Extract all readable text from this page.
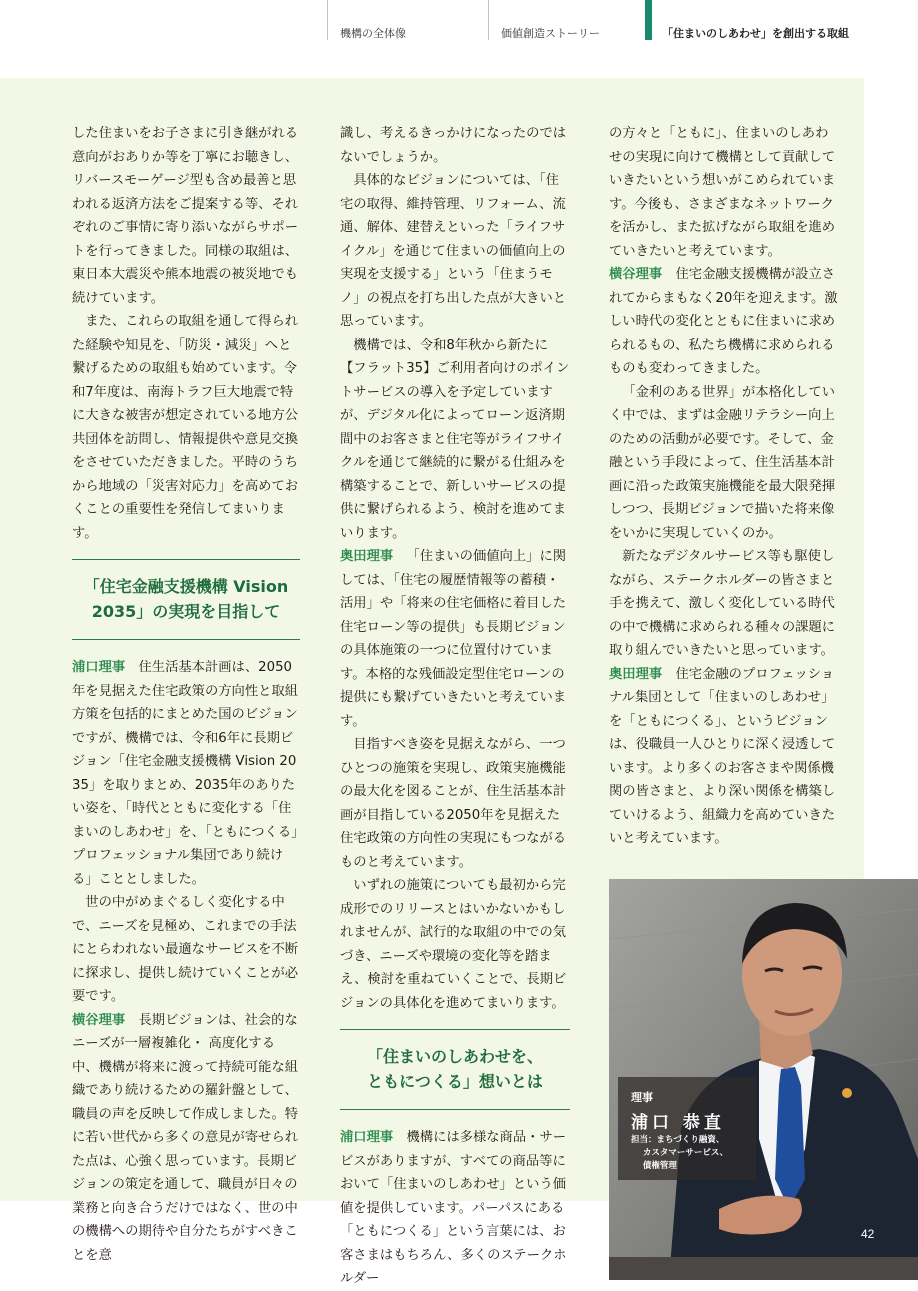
機構の全体像	価値創造ストーリー	「住まいのしあわせ」を創出する取組

した住まいをお子さまに引き継がれる意向がおありか等を丁寧にお聴きし、リバースモーゲージ型も含め最善と思われる返済方法をご提案する等、それぞれのご事情に寄り添いながらサポートを行ってきました。同様の取組は、東日本大震災や熊本地震の被災地でも続けています。

また、これらの取組を通して得られた経験や知見を、「防災・減災」へと繋げるための取組も始めています。令和7年度は、南海トラフ巨大地震で特に大きな被害が想定されている地方公共団体を訪問し、情報提供や意見交換をさせていただきました。平時のうちから地域の「災害対応力」を高めておくことの重要性を発信してまいります。

「住宅金融支援機構 Vision
2035」の実現を目指して

浦口理事 住生活基本計画は、2050年を見据えた住宅政策の方向性と取組方策を包括的にまとめた国のビジョンですが、機構では、令和6年に長期ビジョン「住宅金融支援機構 Vision 2035」を取りまとめ、2035年のありたい姿を、「時代とともに変化する「住まいのしあわせ」を、「ともにつくる」プロフェッショナル集団であり続ける」こととしました。

世の中がめまぐるしく変化する中で、ニーズを見極め、これまでの手法にとらわれない最適なサービスを不断に探求し、提供し続けていくことが必要です。

横谷理事 長期ビジョンは、社会的なニーズが一層複雑化・ 高度化する中、機構が将来に渡って持続可能な組織であり続けるための羅針盤として、職員の声を反映して作成しました。特に若い世代から多くの意見が寄せられた点は、心強く思っています。長期ビジョンの策定を通して、職員が日々の業務と向き合うだけではなく、世の中の機構への期待や自分たちがすべきことを意

識し、考えるきっかけになったのではないでしょうか。

具体的なビジョンについては、「住宅の取得、維持管理、リフォーム、流通、解体、建替えといった「ライフサイクル」を通じて住まいの価値向上の実現を支援する」という「住まうモノ」の視点を打ち出した点が大きいと思っています。

機構では、令和8年秋から新たに【フラット35】ご利用者向けのポイントサービスの導入を予定していますが、デジタル化によってローン返済期間中のお客さまと住宅等がライフサイクルを通じて継続的に繋がる仕組みを構築することで、新しいサービスの提供に繋げられるよう、検討を進めてまいります。

奥田理事 「住まいの価値向上」に関しては、「住宅の履歴情報等の蓄積・活用」や「将来の住宅価格に着目した住宅ローン等の提供」も長期ビジョンの具体施策の一つに位置付けています。本格的な残価設定型住宅ローンの提供にも繋げていきたいと考えています。

目指すべき姿を見据えながら、一つひとつの施策を実現し、政策実施機能の最大化を図ることが、住生活基本計画が目指している2050年を見据えた住宅政策の方向性の実現にもつながるものと考えています。

いずれの施策についても最初から完成形でのリリースとはいかないかもしれませんが、試行的な取組の中での気づき、ニーズや環境の変化等を踏まえ、検討を重ねていくことで、長期ビジョンの具体化を進めてまいります。

「住まいのしあわせを、
ともにつくる」想いとは

浦口理事 機構には多様な商品・サービスがありますが、すべての商品等において「住まいのしあわせ」という価値を提供しています。パーパスにある「ともにつくる」という言葉には、お客さまはもちろん、多くのステークホルダー

の方々と「ともに」、住まいのしあわせの実現に向けて機構として貢献していきたいという想いがこめられています。今後も、さまざまなネットワークを活かし、また拡げながら取組を進めていきたいと考えています。

横谷理事 住宅金融支援機構が設立されてからまもなく20年を迎えます。激しい時代の変化とともに住まいに求められるもの、私たち機構に求められるものも変わってきました。

「金利のある世界」が本格化していく中では、まずは金融リテラシー向上のための活動が必要です。そして、金融という手段によって、住生活基本計画に沿った政策実施機能を最大限発揮しつつ、長期ビジョンで描いた将来像をいかに実現していくのか。

新たなデジタルサービス等も駆使しながら、ステークホルダーの皆さまと手を携えて、激しく変化している時代の中で機構に求められる種々の課題に取り組んでいきたいと思っています。

奥田理事 住宅金融のプロフェッショナル集団として「住まいのしあわせ」を「ともにつくる」、というビジョンは、役職員一人ひとりに深く浸透しています。より多くのお客さまや関係機関の皆さまと、より深い関係を構築していけるよう、組織力を高めていきたいと考えています。

理事
浦口 恭直
担当：まちづくり融資、
カスタマーサービス、
債権管理
42
